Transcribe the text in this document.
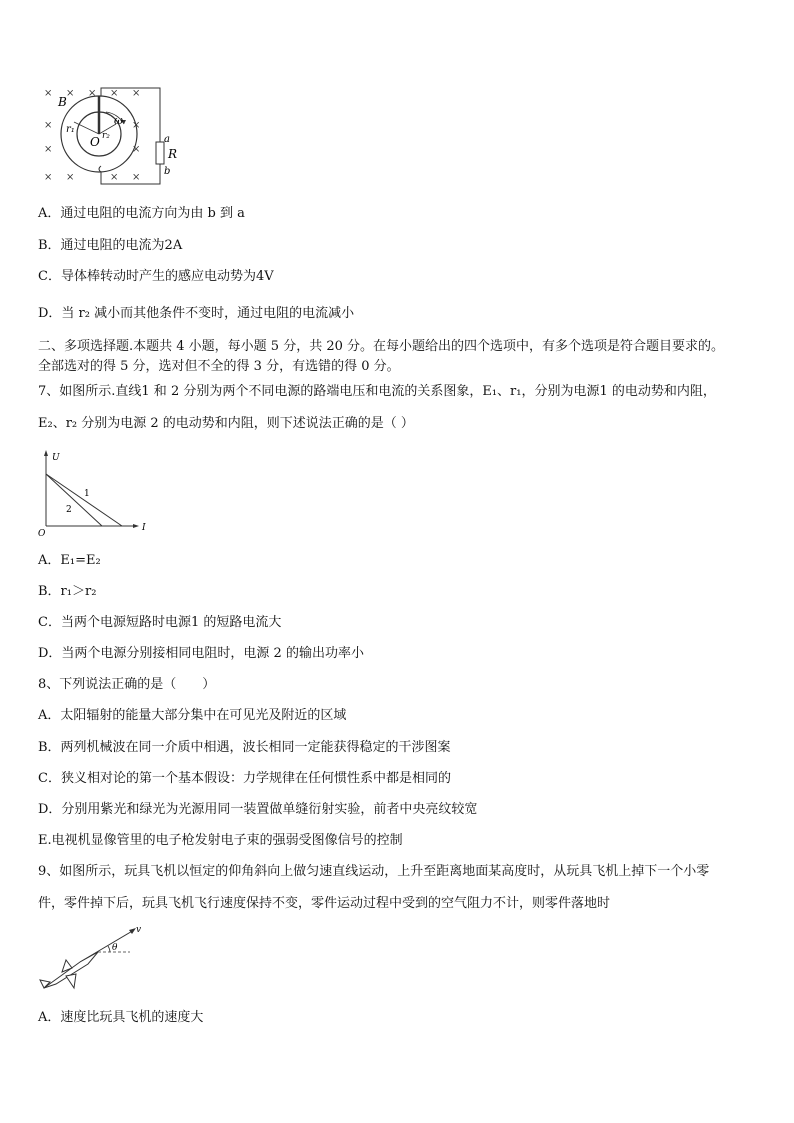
× × × × ×
×	×
×	×
× ×	× ×
B
O
ω
r₁
r₂	a
R
b
A．通过电阻的电流方向为由 b 到 a
B．通过电阻的电流为2A
C．导体棒转动时产生的感应电动势为4V
D．当 r₂ 减小而其他条件不变时，通过电阻的电流减小
二、多项选择题.本题共 4 小题，每小题 5 分，共 20 分。在每小题给出的四个选项中，有多个选项是符合题目要求的。
全部选对的得 5 分，选对但不全的得 3 分，有选错的得 0 分。
7、如图所示.直线1 和 2 分别为两个不同电源的路端电压和电流的关系图象，E₁、r₁，分别为电源1 的电动势和内阻，
E₂、r₂ 分别为电源 2 的电动势和内阻，则下述说法正确的是（ ）
U
I
O
1
2
A．E₁=E₂
B．r₁＞r₂
C．当两个电源短路时电源1 的短路电流大
D．当两个电源分别接相同电阻时，电源 2 的输出功率小
8、下列说法正确的是（　　）
A．太阳辐射的能量大部分集中在可见光及附近的区域
B．两列机械波在同一介质中相遇，波长相同一定能获得稳定的干涉图案
C．狭义相对论的第一个基本假设：力学规律在任何惯性系中都是相同的
D．分别用紫光和绿光为光源用同一装置做单缝衍射实验，前者中央亮纹较宽
E.电视机显像管里的电子枪发射电子束的强弱受图像信号的控制
9、如图所示，玩具飞机以恒定的仰角斜向上做匀速直线运动，上升至距离地面某高度时，从玩具飞机上掉下一个小零
件，零件掉下后，玩具飞机飞行速度保持不变，零件运动过程中受到的空气阻力不计，则零件落地时
v
θ
A．速度比玩具飞机的速度大
